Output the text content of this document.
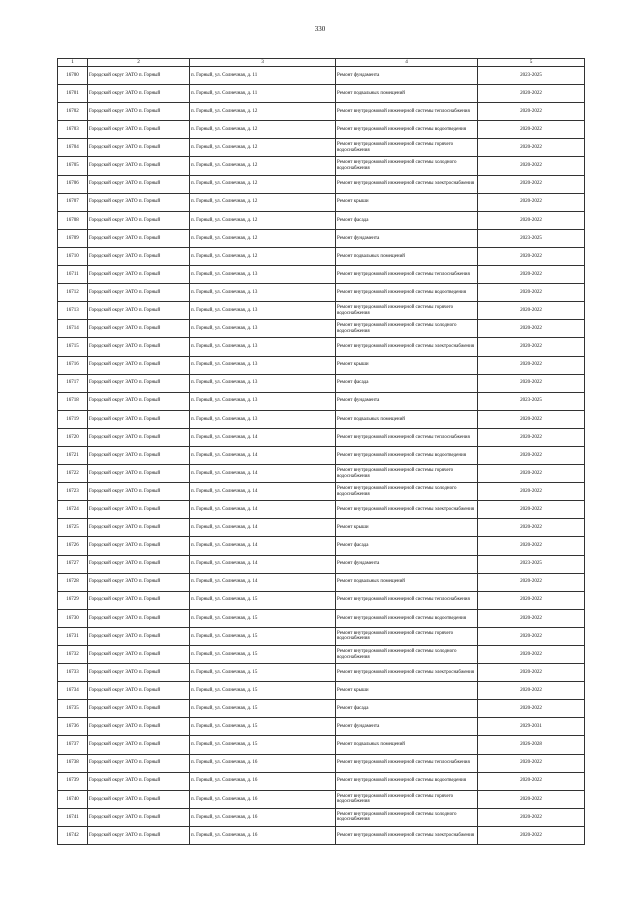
330
1	2	3	4	5
16700	Городской округ ЗАТО п. Горный	п. Горный, ул. Солнечная, д. 11	Ремонт фундамента	2023-2025
16701	Городской округ ЗАТО п. Горный	п. Горный, ул. Солнечная, д. 11	Ремонт подвальных помещений	2020-2022
16702	Городской округ ЗАТО п. Горный	п. Горный, ул. Солнечная, д. 12	Ремонт внутридомовой инженерной системы теплоснабжения	2020-2022
16703	Городской округ ЗАТО п. Горный	п. Горный, ул. Солнечная, д. 12	Ремонт внутридомовой инженерной системы водоотведения	2020-2022
16704	Городской округ ЗАТО п. Горный	п. Горный, ул. Солнечная, д. 12	Ремонт внутридомовой инженерной системы горячего водоснабжения	2020-2022
16705	Городской округ ЗАТО п. Горный	п. Горный, ул. Солнечная, д. 12	Ремонт внутридомовой инженерной системы холодного водоснабжения	2020-2022
16706	Городской округ ЗАТО п. Горный	п. Горный, ул. Солнечная, д. 12	Ремонт внутридомовой инженерной системы электроснабжения	2020-2022
16707	Городской округ ЗАТО п. Горный	п. Горный, ул. Солнечная, д. 12	Ремонт крыши	2020-2022
16708	Городской округ ЗАТО п. Горный	п. Горный, ул. Солнечная, д. 12	Ремонт фасада	2020-2022
16709	Городской округ ЗАТО п. Горный	п. Горный, ул. Солнечная, д. 12	Ремонт фундамента	2023-2025
16710	Городской округ ЗАТО п. Горный	п. Горный, ул. Солнечная, д. 12	Ремонт подвальных помещений	2020-2022
16711	Городской округ ЗАТО п. Горный	п. Горный, ул. Солнечная, д. 13	Ремонт внутридомовой инженерной системы теплоснабжения	2020-2022
16712	Городской округ ЗАТО п. Горный	п. Горный, ул. Солнечная, д. 13	Ремонт внутридомовой инженерной системы водоотведения	2020-2022
16713	Городской округ ЗАТО п. Горный	п. Горный, ул. Солнечная, д. 13	Ремонт внутридомовой инженерной системы горячего водоснабжения	2020-2022
16714	Городской округ ЗАТО п. Горный	п. Горный, ул. Солнечная, д. 13	Ремонт внутридомовой инженерной системы холодного водоснабжения	2020-2022
16715	Городской округ ЗАТО п. Горный	п. Горный, ул. Солнечная, д. 13	Ремонт внутридомовой инженерной системы электроснабжения	2020-2022
16716	Городской округ ЗАТО п. Горный	п. Горный, ул. Солнечная, д. 13	Ремонт крыши	2020-2022
16717	Городской округ ЗАТО п. Горный	п. Горный, ул. Солнечная, д. 13	Ремонт фасада	2020-2022
16718	Городской округ ЗАТО п. Горный	п. Горный, ул. Солнечная, д. 13	Ремонт фундамента	2023-2025
16719	Городской округ ЗАТО п. Горный	п. Горный, ул. Солнечная, д. 13	Ремонт подвальных помещений	2020-2022
16720	Городской округ ЗАТО п. Горный	п. Горный, ул. Солнечная, д. 14	Ремонт внутридомовой инженерной системы теплоснабжения	2020-2022
16721	Городской округ ЗАТО п. Горный	п. Горный, ул. Солнечная, д. 14	Ремонт внутридомовой инженерной системы водоотведения	2020-2022
16722	Городской округ ЗАТО п. Горный	п. Горный, ул. Солнечная, д. 14	Ремонт внутридомовой инженерной системы горячего водоснабжения	2020-2022
16723	Городской округ ЗАТО п. Горный	п. Горный, ул. Солнечная, д. 14	Ремонт внутридомовой инженерной системы холодного водоснабжения	2020-2022
16724	Городской округ ЗАТО п. Горный	п. Горный, ул. Солнечная, д. 14	Ремонт внутридомовой инженерной системы электроснабжения	2020-2022
16725	Городской округ ЗАТО п. Горный	п. Горный, ул. Солнечная, д. 14	Ремонт крыши	2020-2022
16726	Городской округ ЗАТО п. Горный	п. Горный, ул. Солнечная, д. 14	Ремонт фасада	2020-2022
16727	Городской округ ЗАТО п. Горный	п. Горный, ул. Солнечная, д. 14	Ремонт фундамента	2023-2025
16728	Городской округ ЗАТО п. Горный	п. Горный, ул. Солнечная, д. 14	Ремонт подвальных помещений	2020-2022
16729	Городской округ ЗАТО п. Горный	п. Горный, ул. Солнечная, д. 15	Ремонт внутридомовой инженерной системы теплоснабжения	2020-2022
16730	Городской округ ЗАТО п. Горный	п. Горный, ул. Солнечная, д. 15	Ремонт внутридомовой инженерной системы водоотведения	2020-2022
16731	Городской округ ЗАТО п. Горный	п. Горный, ул. Солнечная, д. 15	Ремонт внутридомовой инженерной системы горячего водоснабжения	2020-2022
16732	Городской округ ЗАТО п. Горный	п. Горный, ул. Солнечная, д. 15	Ремонт внутридомовой инженерной системы холодного водоснабжения	2020-2022
16733	Городской округ ЗАТО п. Горный	п. Горный, ул. Солнечная, д. 15	Ремонт внутридомовой инженерной системы электроснабжения	2020-2022
16734	Городской округ ЗАТО п. Горный	п. Горный, ул. Солнечная, д. 15	Ремонт крыши	2020-2022
16735	Городской округ ЗАТО п. Горный	п. Горный, ул. Солнечная, д. 15	Ремонт фасада	2020-2022
16736	Городской округ ЗАТО п. Горный	п. Горный, ул. Солнечная, д. 15	Ремонт фундамента	2029-2031
16737	Городской округ ЗАТО п. Горный	п. Горный, ул. Солнечная, д. 15	Ремонт подвальных помещений	2026-2028
16738	Городской округ ЗАТО п. Горный	п. Горный, ул. Солнечная, д. 16	Ремонт внутридомовой инженерной системы теплоснабжения	2020-2022
16739	Городской округ ЗАТО п. Горный	п. Горный, ул. Солнечная, д. 16	Ремонт внутридомовой инженерной системы водоотведения	2020-2022
16740	Городской округ ЗАТО п. Горный	п. Горный, ул. Солнечная, д. 16	Ремонт внутридомовой инженерной системы горячего водоснабжения	2020-2022
16741	Городской округ ЗАТО п. Горный	п. Горный, ул. Солнечная, д. 16	Ремонт внутридомовой инженерной системы холодного водоснабжения	2020-2022
16742	Городской округ ЗАТО п. Горный	п. Горный, ул. Солнечная, д. 16	Ремонт внутридомовой инженерной системы электроснабжения	2020-2022
